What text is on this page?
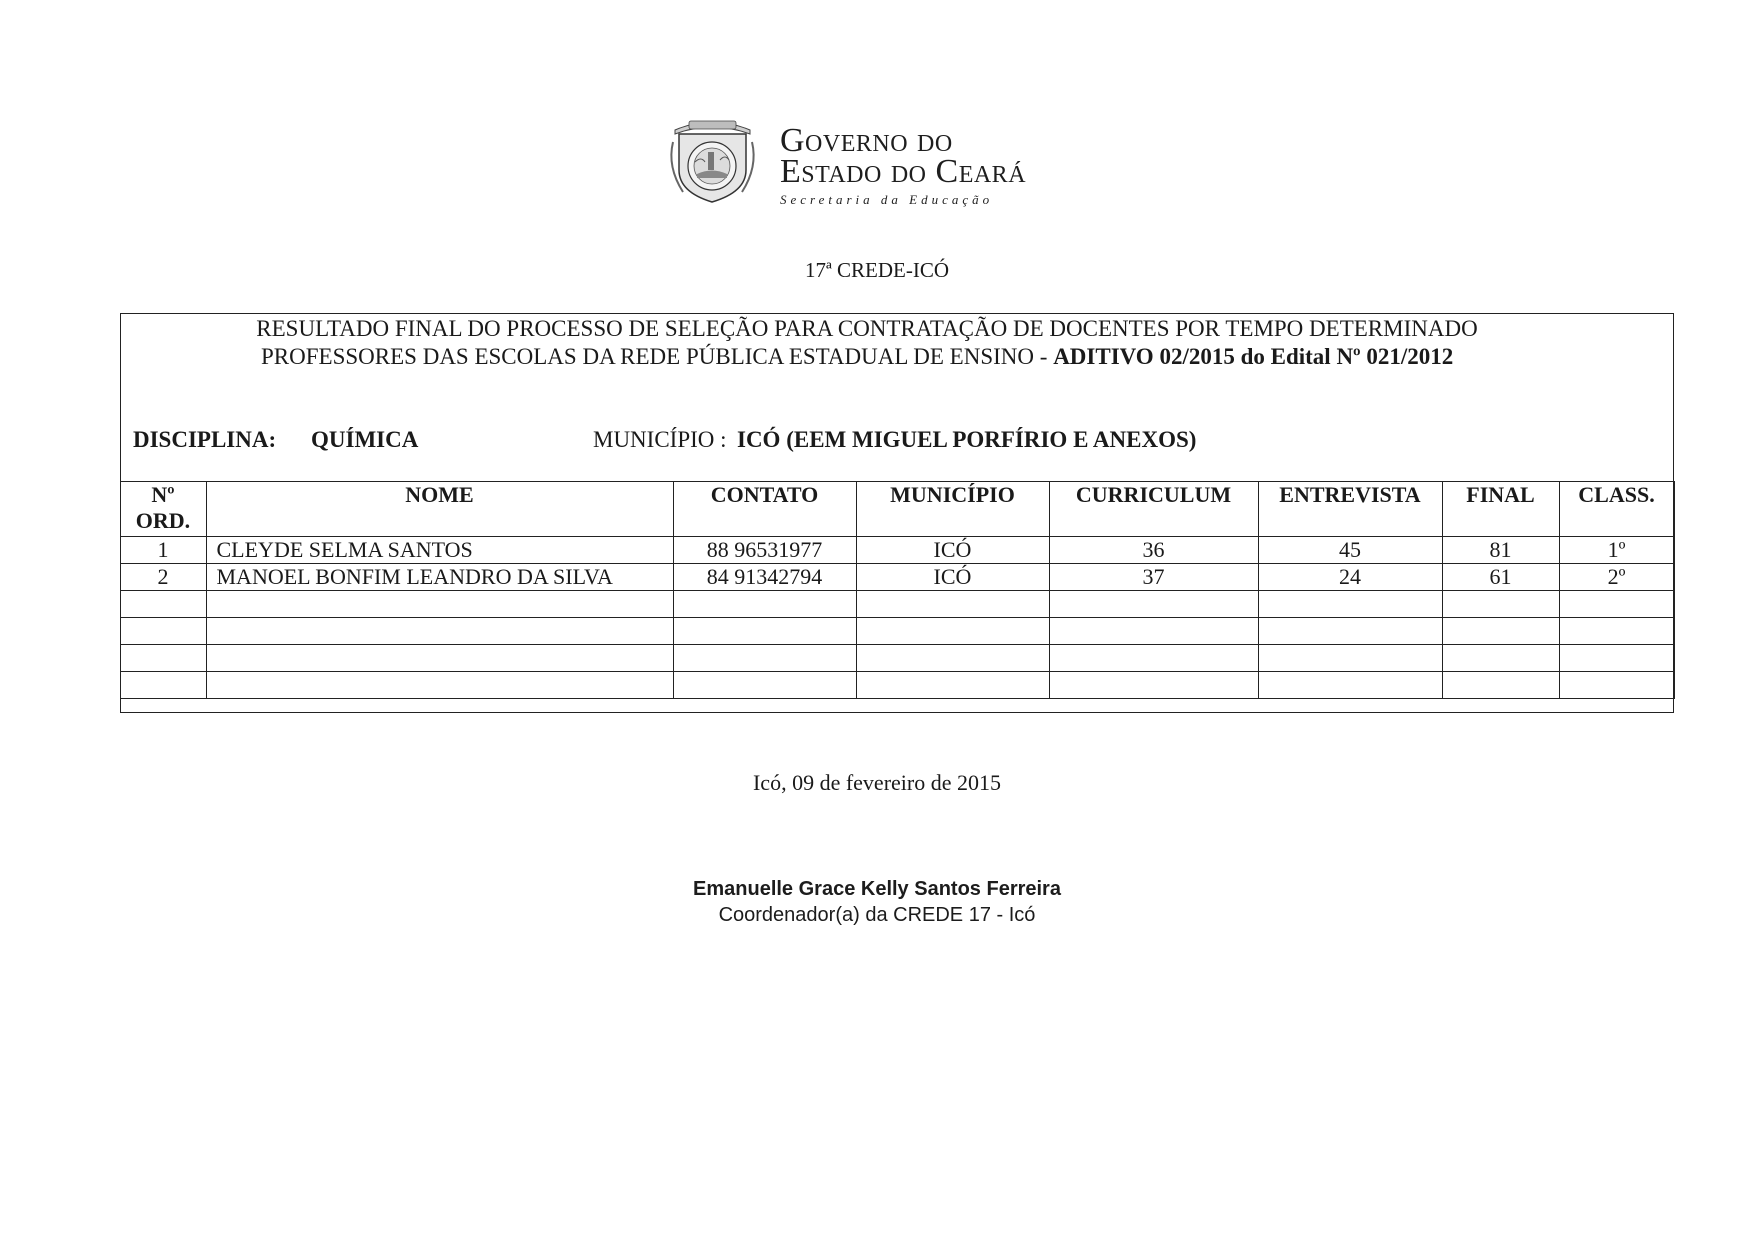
Governo do
Estado do Ceará
Secretaria da Educação
17ª CREDE-ICÓ
RESULTADO FINAL DO PROCESSO DE SELEÇÃO PARA CONTRATAÇÃO DE DOCENTES POR TEMPO DETERMINADO
PROFESSORES DAS ESCOLAS DA REDE PÚBLICA ESTADUAL DE ENSINO - ADITIVO 02/2015 do Edital Nº 021/2012
DISCIPLINA: QUÍMICA	MUNICÍPIO : ICÓ (EEM MIGUEL PORFÍRIO E ANEXOS)
Nº
ORD.	NOME	CONTATO	MUNICÍPIO	CURRICULUM	ENTREVISTA	FINAL	CLASS.
1	CLEYDE SELMA SANTOS	88 96531977	ICÓ	36	45	81	1º
2	MANOEL BONFIM LEANDRO DA SILVA	84 91342794	ICÓ	37	24	61	2º

Icó, 09 de fevereiro de 2015
Emanuelle Grace Kelly Santos Ferreira
Coordenador(a) da CREDE 17 - Icó
